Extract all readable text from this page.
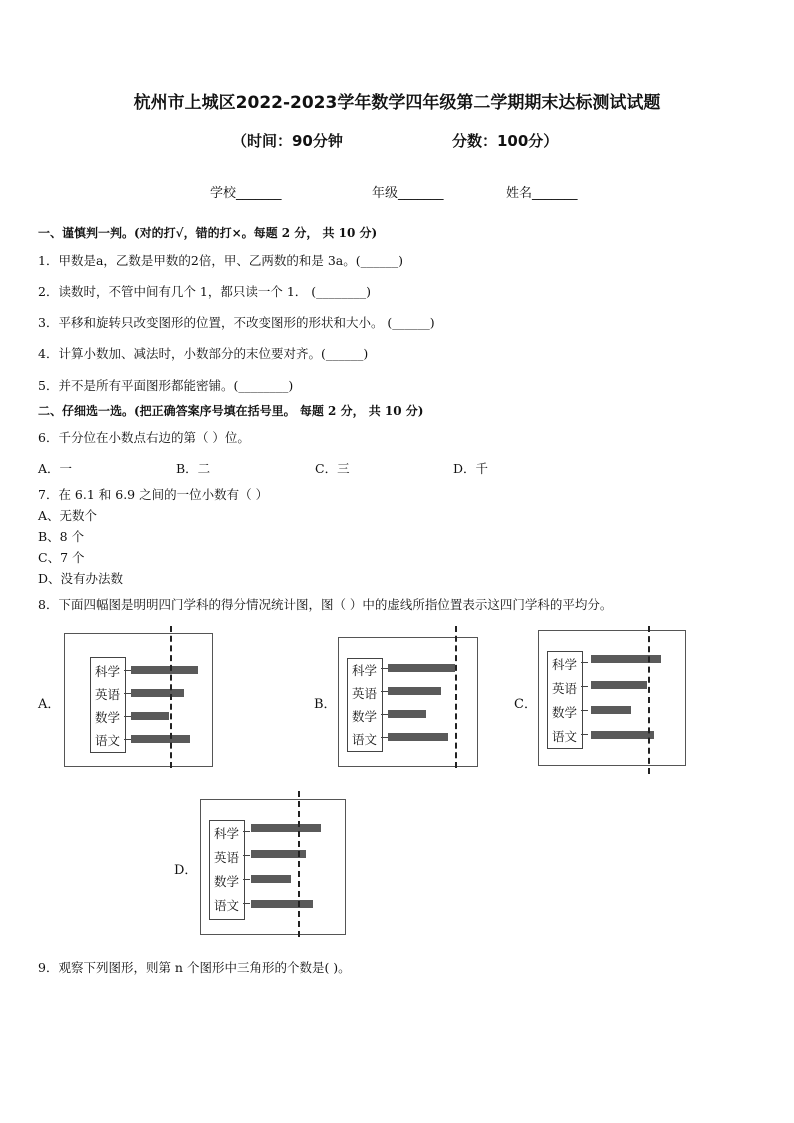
杭州市上城区2022-2023学年数学四年级第二学期期末达标测试试题
（时间：90分钟	分数：100分）
学校_______	年级_______	姓名_______
一、谨慎判一判。(对的打√，错的打×。每题 2 分， 共 10 分)
1．甲数是a，乙数是甲数的2倍，甲、乙两数的和是 3a。(______)
2．读数时，不管中间有几个 1，都只读一个 1． (________)
3．平移和旋转只改变图形的位置，不改变图形的形状和大小。 (______)
4．计算小数加、减法时，小数部分的末位要对齐。(______)
5．并不是所有平面图形都能密铺。(________)
二、仔细选一选。(把正确答案序号填在括号里。 每题 2 分， 共 10 分)
6．千分位在小数点右边的第（ ）位。
A．一	B．二	C．三	D．千
7．在 6.1 和 6.9 之间的一位小数有（ ）
A、无数个
B、8 个
C、7 个
D、没有办法数
8．下面四幅图是明明四门学科的得分情况统计图，图（ ）中的虚线所指位置表示这四门学科的平均分。
A．
科学
英语
数学
语文
B．
科学
英语
数学
语文
C．
科学
英语
数学
语文
D．
科学
英语
数学
语文
9．观察下列图形，则第 n 个图形中三角形的个数是( )。
